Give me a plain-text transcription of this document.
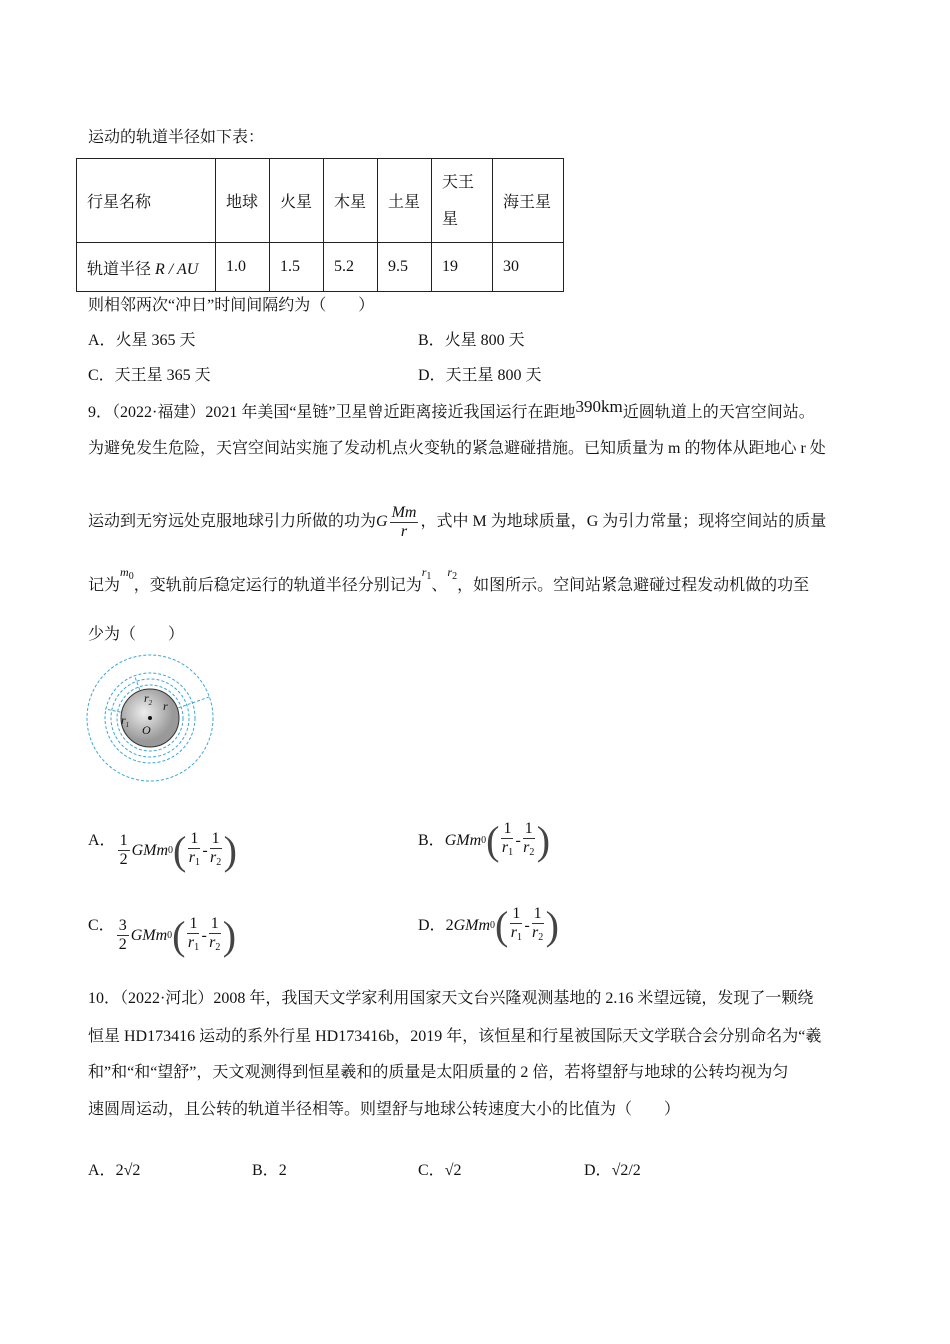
运动的轨道半径如下表：
行星名称	地球	火星	木星	土星	天王星	海王星
轨道半径 R / AU	1.0	1.5	5.2	9.5	19	30
则相邻两次“冲日”时间间隔约为（　　）
A．火星 365 天	B．火星 800 天
C．天王星 365 天	D．天王星 800 天
9．（2022·福建）2021 年美国“星链”卫星曾近距离接近我国运行在距地390km近圆轨道上的天宫空间站。
为避免发生危险，天宫空间站实施了发动机点火变轨的紧急避碰措施。已知质量为 m 的物体从距地心 r 处
运动到无穷远处克服地球引力所做的功为 G $\frac{Mm}{r}$ ，式中 M 为地球质量，G 为引力常量；现将空间站的质量
记为$^{m_0}$，变轨前后稳定运行的轨道半径分别记为$^{r_1}$、$^{r_2}$，如图所示。空间站紧急避碰过程发动机做的功至
少为（　　）
$r_1$
$r_2$ r
O
A． $\frac{1}{2}$ GMm 0 ( $\frac{1}{r_1} - \frac{1}{r_2}$ )	B． GMm 0 ( $\frac{1}{r_1} - \frac{1}{r_2}$ )
C． $\frac{3}{2}$ GMm 0 ( $\frac{1}{r_1} - \frac{1}{r_2}$ )	D． 2 GMm 0 ( $\frac{1}{r_1} - \frac{1}{r_2}$ )
10．（2022·河北）2008 年，我国天文学家利用国家天文台兴隆观测基地的 2.16 米望远镜，发现了一颗绕
恒星 HD173416 运动的系外行星 HD173416b，2019 年，该恒星和行星被国际天文学联合会分别命名为“羲
和”和“和“望舒”，天文观测得到恒星羲和的质量是太阳质量的 2 倍，若将望舒与地球的公转均视为匀
速圆周运动，且公转的轨道半径相等。则望舒与地球公转速度大小的比值为（　　）
A．2√2	B．2	C．√2	D．√2/2
